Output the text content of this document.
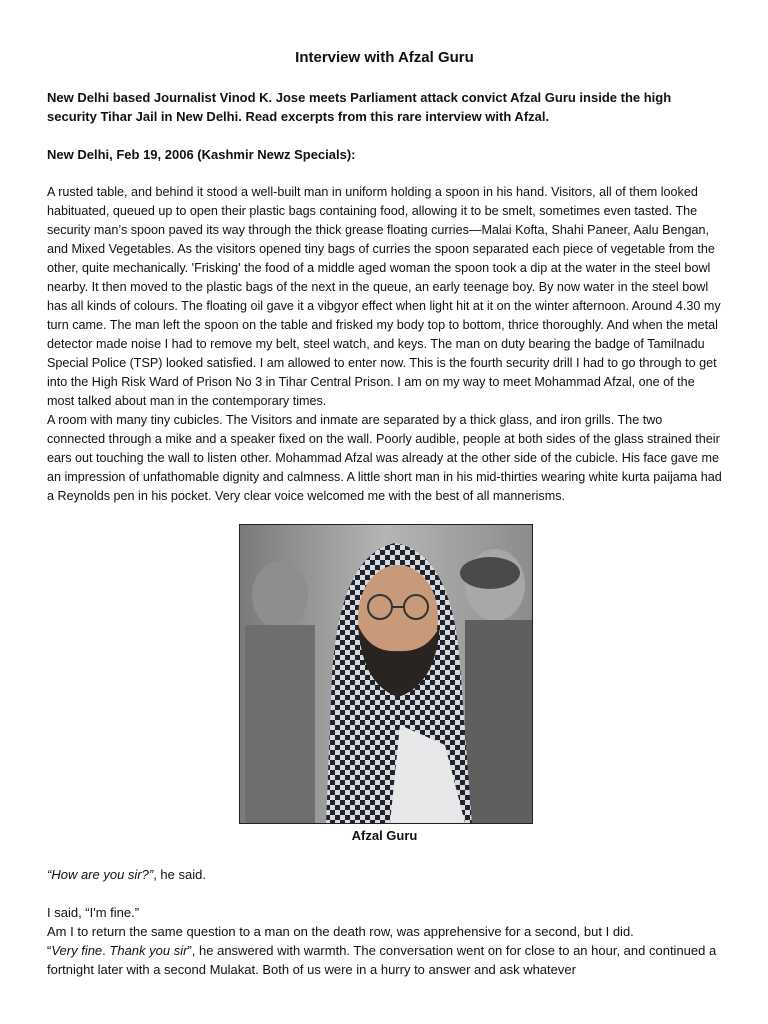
Interview with Afzal Guru

New Delhi based Journalist Vinod K. Jose meets Parliament attack convict Afzal Guru inside the high security Tihar Jail in New Delhi. Read excerpts from this rare interview with Afzal.

New Delhi, Feb 19, 2006 (Kashmir Newz Specials):

A rusted table, and behind it stood a well-built man in uniform holding a spoon in his hand. Visitors, all of them looked habituated, queued up to open their plastic bags containing food, allowing it to be smelt, sometimes even tasted. The security man’s spoon paved its way through the thick grease floating curries—Malai Kofta, Shahi Paneer, Aalu Bengan, and Mixed Vegetables. As the visitors opened tiny bags of curries the spoon separated each piece of vegetable from the other, quite mechanically. 'Frisking' the food of a middle aged woman the spoon took a dip at the water in the steel bowl nearby. It then moved to the plastic bags of the next in the queue, an early teenage boy. By now water in the steel bowl has all kinds of colours. The floating oil gave it a vibgyor effect when light hit at it on the winter afternoon. Around 4.30 my turn came. The man left the spoon on the table and frisked my body top to bottom, thrice thoroughly. And when the metal detector made noise I had to remove my belt, steel watch, and keys. The man on duty bearing the badge of Tamilnadu Special Police (TSP) looked satisfied. I am allowed to enter now. This is the fourth security drill I had to go through to get into the High Risk Ward of Prison No 3 in Tihar Central Prison. I am on my way to meet Mohammad Afzal, one of the most talked about man in the contemporary times.

A room with many tiny cubicles. The Visitors and inmate are separated by a thick glass, and iron grills. The two connected through a mike and a speaker fixed on the wall. Poorly audible, people at both sides of the glass strained their ears out touching the wall to listen other. Mohammad Afzal was already at the other side of the cubicle. His face gave me an impression of unfathomable dignity and calmness. A little short man in his mid-thirties wearing white kurta paijama had a Reynolds pen in his pocket. Very clear voice welcomed me with the best of all mannerisms.

Afzal Guru

“How are you sir?”, he said.

I said, “I'm fine.”

Am I to return the same question to a man on the death row, was apprehensive for a second, but I did.

“Very fine. Thank you sir”, he answered with warmth. The conversation went on for close to an hour, and continued a fortnight later with a second Mulakat. Both of us were in a hurry to answer and ask whatever
